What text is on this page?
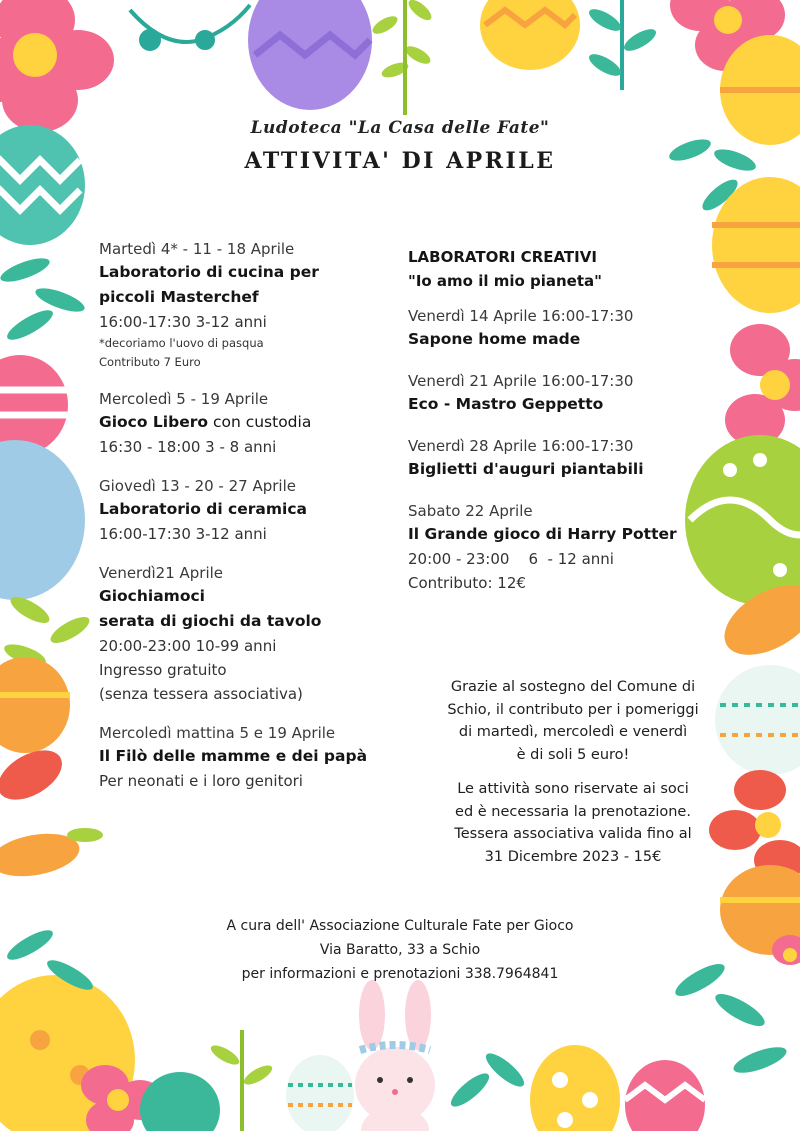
Ludoteca "La Casa delle Fate"
ATTIVITA' DI APRILE
Martedì 4* - 11 - 18 Aprile
Laboratorio di cucina per
piccoli Masterchef
16:00-17:30 3-12 anni
*decoriamo l'uovo di pasqua
Contributo 7 Euro
Mercoledì 5 - 19 Aprile
Gioco Libero con custodia
16:30 - 18:00 3 - 8 anni
Giovedì 13 - 20 - 27 Aprile
Laboratorio di ceramica
16:00-17:30 3-12 anni
Venerdì21 Aprile
Giochiamoci
serata di giochi da tavolo
20:00-23:00 10-99 anni
Ingresso gratuito
(senza tessera associativa)
Mercoledì mattina 5 e 19 Aprile
Il Filò delle mamme e dei papà
Per neonati e i loro genitori
LABORATORI CREATIVI
"Io amo il mio pianeta"
Venerdì 14 Aprile 16:00-17:30
Sapone home made
Venerdì 21 Aprile 16:00-17:30
Eco - Mastro Geppetto
Venerdì 28 Aprile 16:00-17:30
Biglietti d'auguri piantabili
Sabato 22 Aprile
Il Grande gioco di Harry Potter
20:00 - 23:00    6  - 12 anni
Contributo: 12€

Grazie al sostegno del Comune di
Schio, il contributo per i pomeriggi
di martedì, mercoledì e venerdì
è di soli 5 euro!

Le attività sono riservate ai soci
ed è necessaria la prenotazione.
Tessera associativa valida fino al
31 Dicembre 2023 - 15€

A cura dell' Associazione Culturale Fate per Gioco
Via Baratto, 33 a Schio
per informazioni e prenotazioni 338.7964841
